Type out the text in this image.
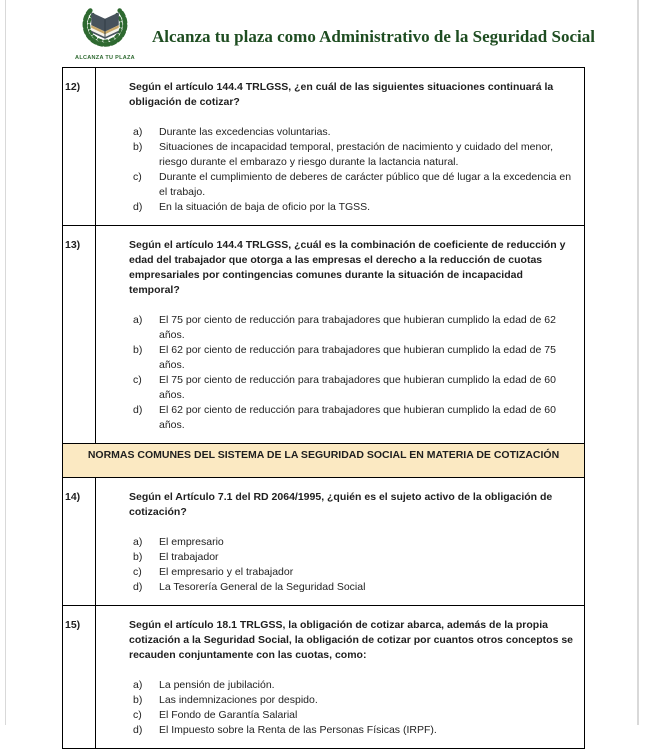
ALCANZA TU PLAZA
Alcanza tu plaza como Administrativo de la Seguridad Social
12)	Según el artículo 144.4 TRLGSS, ¿en cuál de las siguientes situaciones continuará la obligación de cotizar?
a)	Durante las excedencias voluntarias.
b)	Situaciones de incapacidad temporal, prestación de nacimiento y cuidado del menor, riesgo durante el embarazo y riesgo durante la lactancia natural.
c)	Durante el cumplimiento de deberes de carácter público que dé lugar a la excedencia en el trabajo.
d)	En la situación de baja de oficio por la TGSS.

13)	Según el artículo 144.4 TRLGSS, ¿cuál es la combinación de coeficiente de reducción y edad del trabajador que otorga a las empresas el derecho a la reducción de cuotas empresariales por contingencias comunes durante la situación de incapacidad temporal?
a)	El 75 por ciento de reducción para trabajadores que hubieran cumplido la edad de 62 años.
b)	El 62 por ciento de reducción para trabajadores que hubieran cumplido la edad de 75 años.
c)	El 75 por ciento de reducción para trabajadores que hubieran cumplido la edad de 60 años.
d)	El 62 por ciento de reducción para trabajadores que hubieran cumplido la edad de 60 años.

NORMAS COMUNES DEL SISTEMA DE LA SEGURIDAD SOCIAL EN MATERIA DE COTIZACIÓN	
14)	Según el Artículo 7.1 del RD 2064/1995, ¿quién es el sujeto activo de la obligación de cotización?
a)	El empresario
b)	El trabajador
c)	El empresario y el trabajador
d)	La Tesorería General de la Seguridad Social

15)	Según el artículo 18.1 TRLGSS, la obligación de cotizar abarca, además de la propia cotización a la Seguridad Social, la obligación de cotizar por cuantos otros conceptos se recauden conjuntamente con las cuotas, como:
a)	La pensión de jubilación.
b)	Las indemnizaciones por despido.
c)	El Fondo de Garantía Salarial
d)	El Impuesto sobre la Renta de las Personas Físicas (IRPF).
